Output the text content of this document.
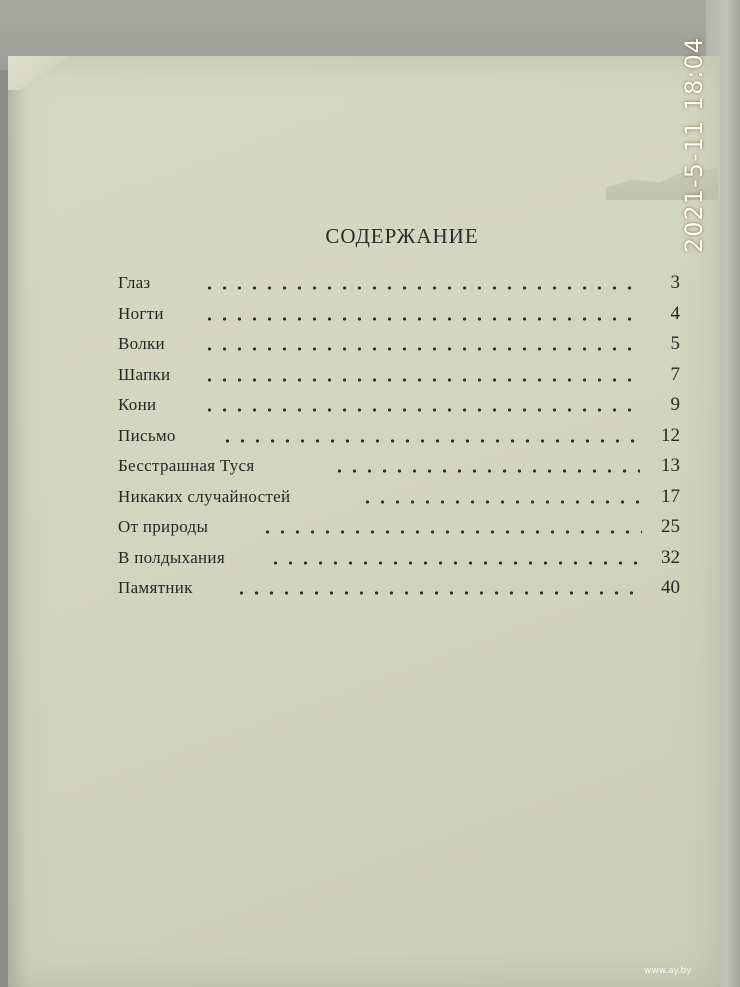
СОДЕРЖАНИЕ
Глаз	3
Ногти	4
Волки	5
Шапки	7
Кони	9
Письмо	12
Бесстрашная Туся	13
Никаких случайностей	17
От природы	25
В полдыхания	32
Памятник	40
2021-5-11 18:04
www.ay.by
